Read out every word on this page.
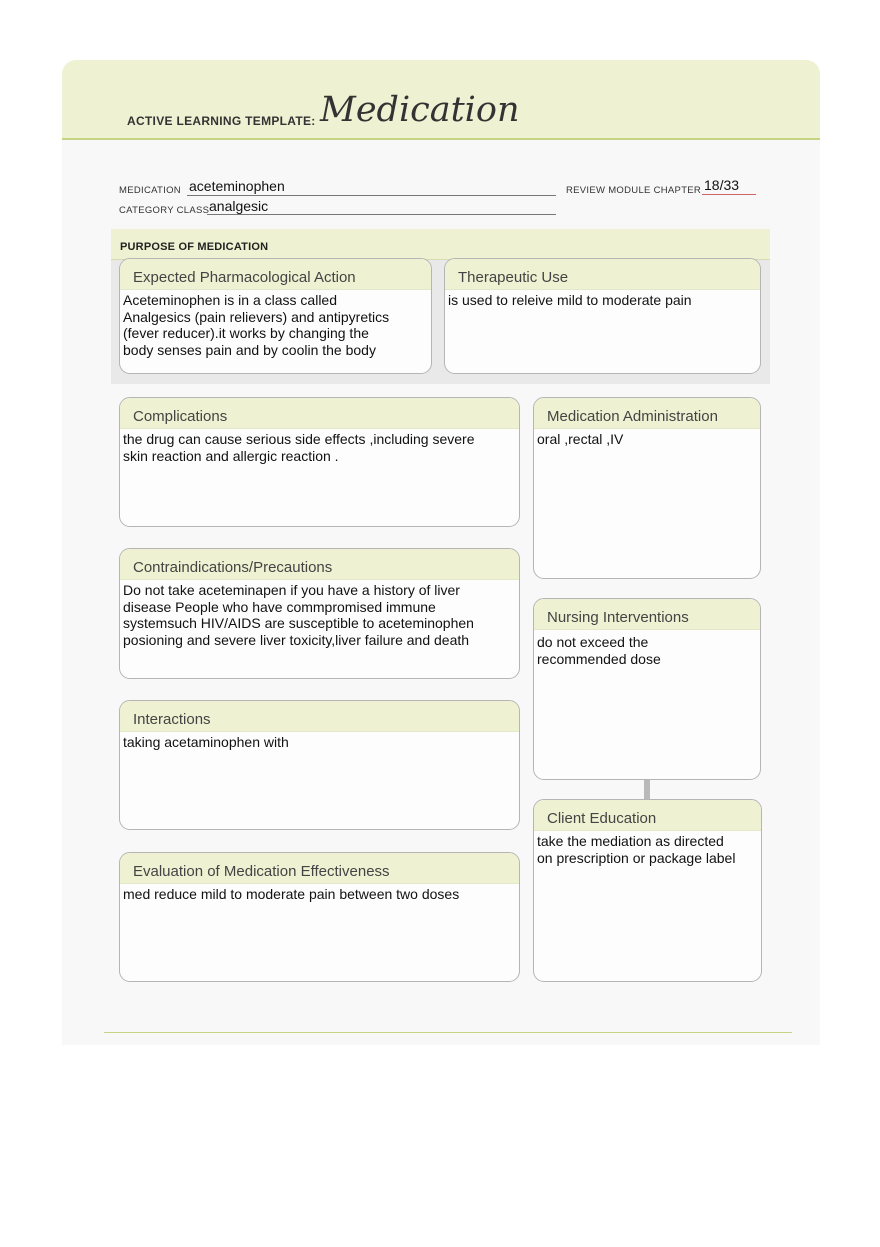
ACTIVE LEARNING TEMPLATE: Medication
MEDICATION aceteminophen
CATEGORY CLASS analgesic
REVIEW MODULE CHAPTER 18/33
PURPOSE OF MEDICATION
Expected Pharmacological Action
Aceteminophen is in a class called
Analgesics (pain relievers) and antipyretics
(fever reducer).it works by changing the
body senses pain and by coolin the body
Therapeutic Use
is used to releive mild to moderate pain
Complications
the drug can cause serious side effects ,including severe
skin reaction and allergic reaction .
Contraindications/Precautions
Do not take aceteminapen if you have a history of liver
disease People who have commpromised immune
systemsuch HIV/AIDS are susceptible to aceteminophen
posioning and severe liver toxicity,liver failure and death
Interactions
taking acetaminophen with
Evaluation of Medication Effectiveness
med reduce mild to moderate pain between two doses
Medication Administration
oral ,rectal ,IV
Nursing Interventions
do not exceed the
recommended dose
Client Education
take the mediation as directed
on prescription or package label
